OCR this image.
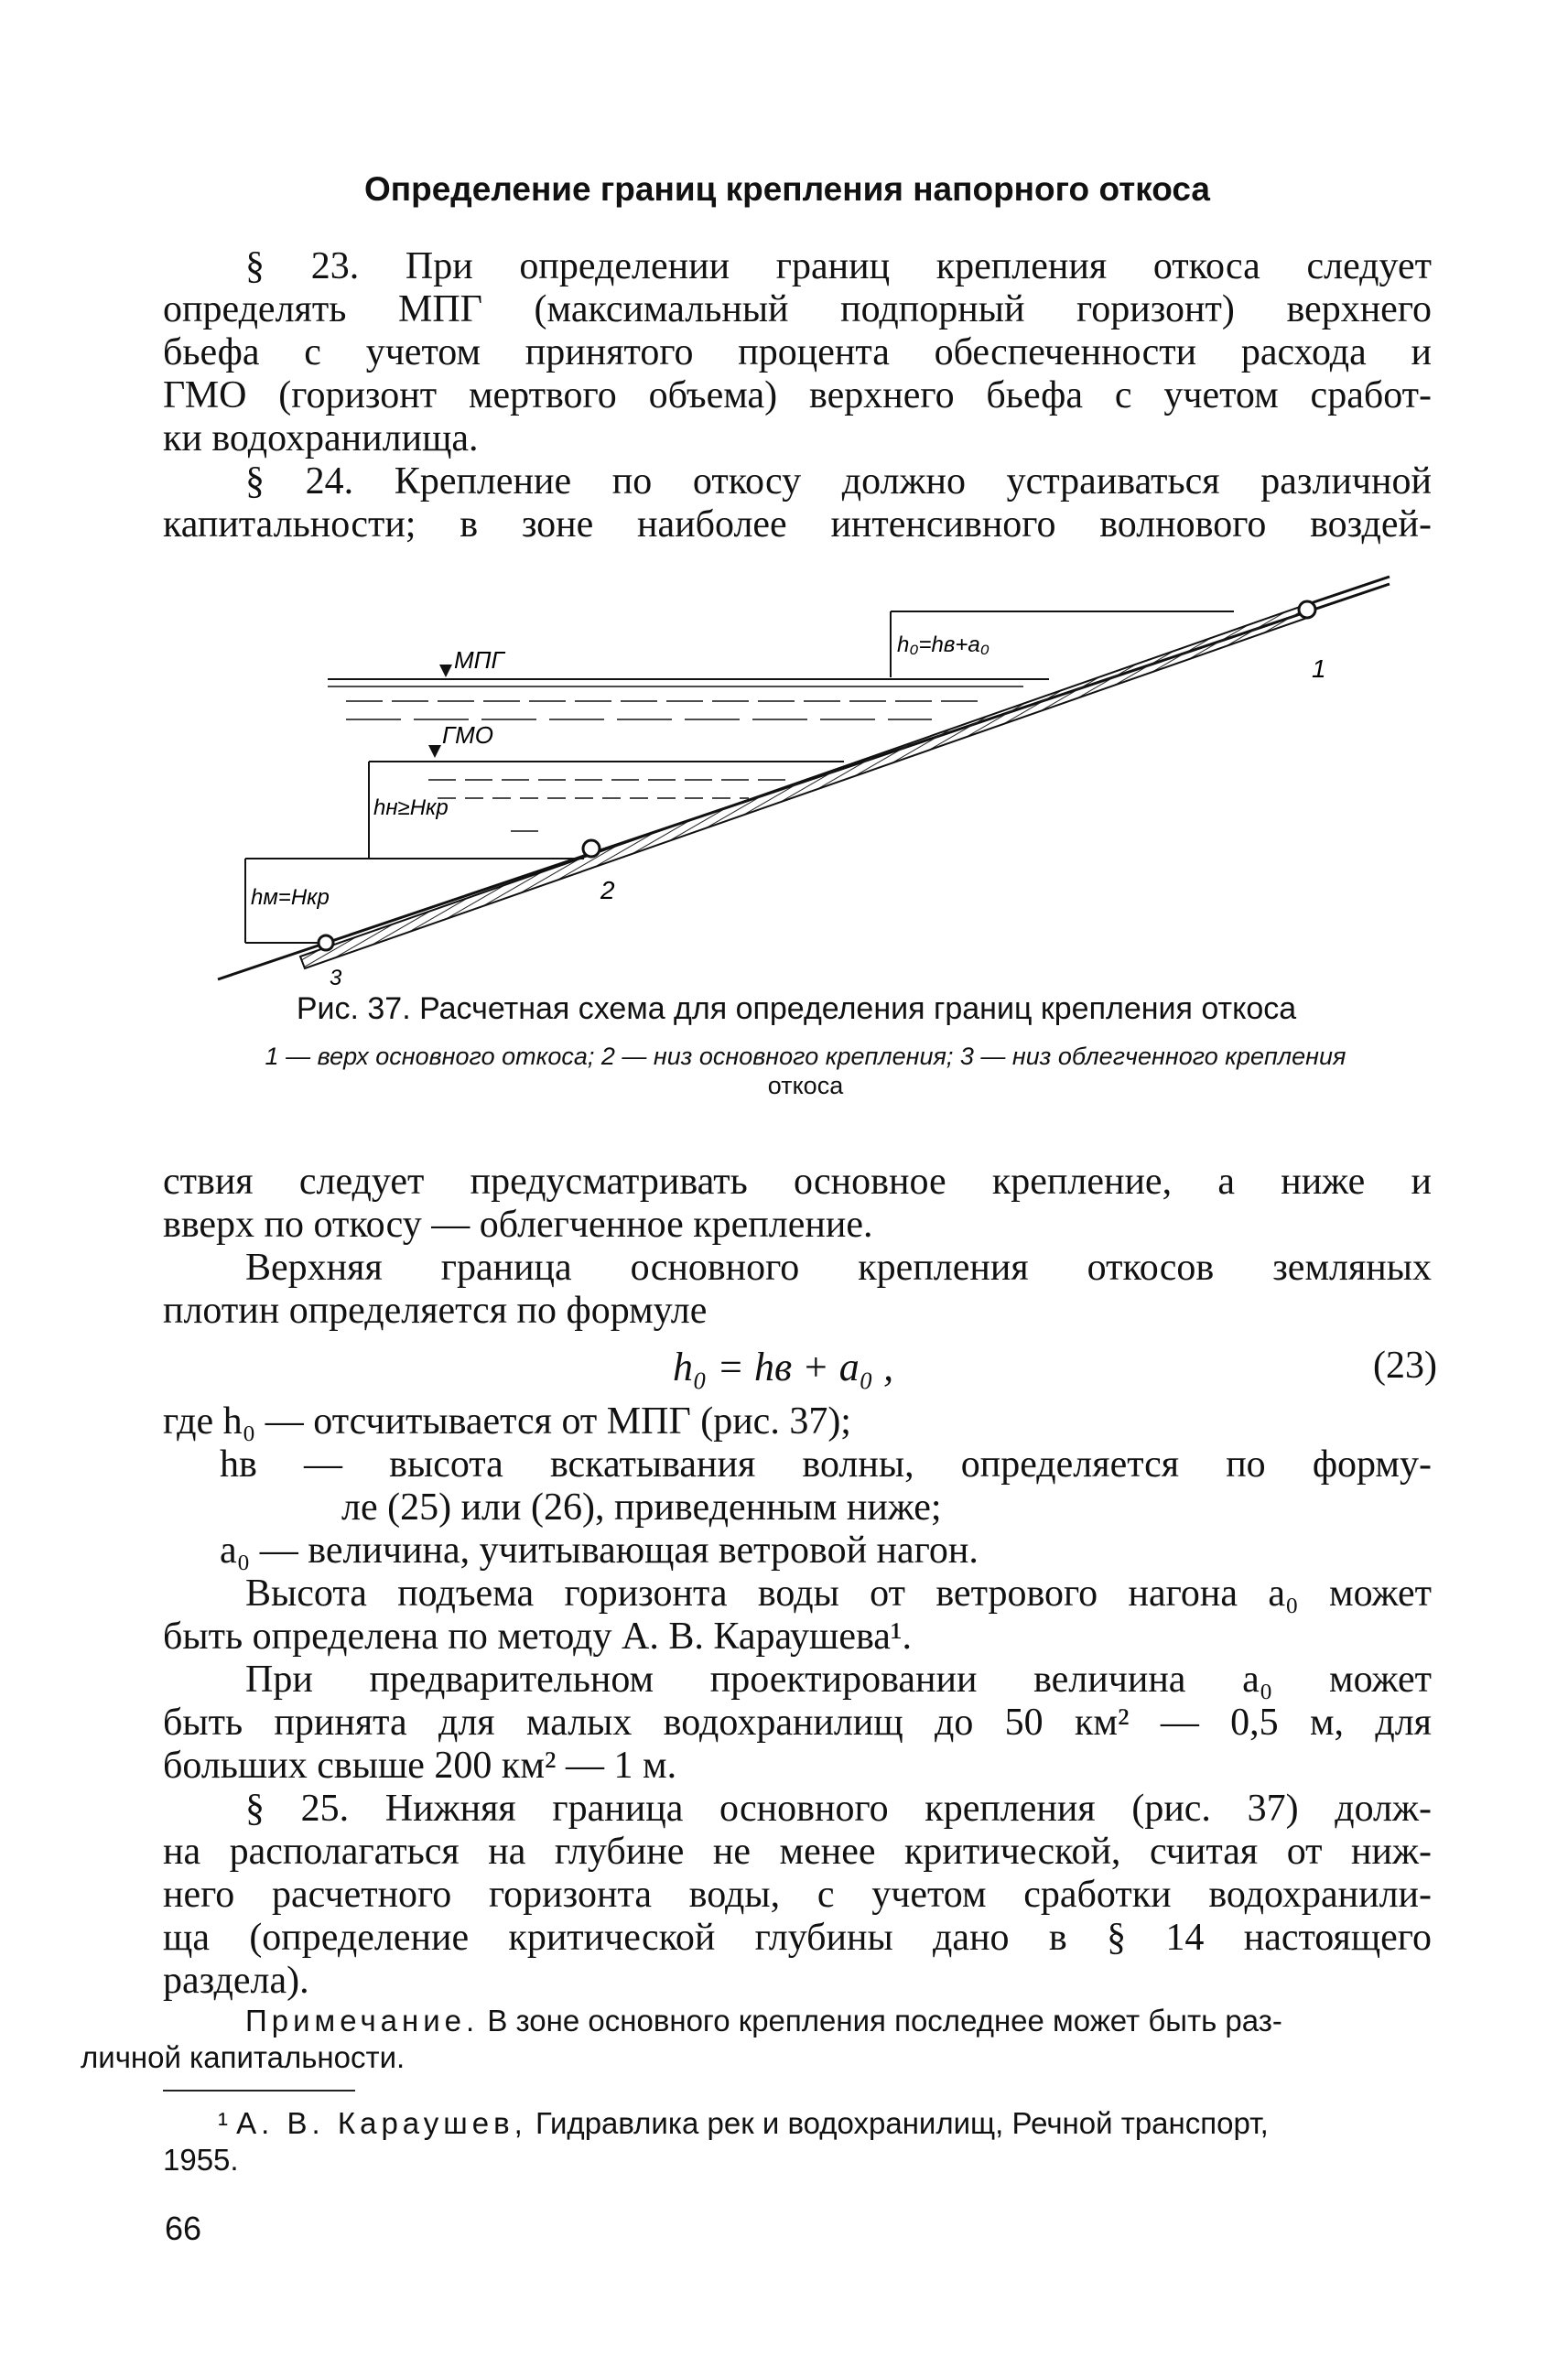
Определение границ крепления напорного откоса
§ 23. При определении границ крепления откоса следует
определять МПГ (максимальный подпорный горизонт) верхнего
бьефа с учетом принятого процента обеспеченности расхода и
ГМО (горизонт мертвого объема) верхнего бьефа с учетом сработ-
ки водохранилища.
§ 24. Крепление по откосу должно устраиваться различной
капитальности; в зоне наиболее интенсивного волнового воздей-
МПГ
ГМО
h₀=hв+a₀
hн≥Hкр
hм=Hкр
1
2
3
Рис. 37. Расчетная схема для определения границ крепления откоса
1 — верх основного откоса; 2 — низ основного крепления; 3 — низ облегченного крепления
откоса
ствия следует предусматривать основное крепление, а ниже и
вверх по откосу — облегченное крепление.
Верхняя граница основного крепления откосов земляных
плотин определяется по формуле
h₀ = hв + a₀ ,	(23)
где h₀ — отсчитывается от МПГ (рис. 37);
hв — высота вскатывания волны, определяется по форму-
ле (25) или (26), приведенным ниже;
a₀ — величина, учитывающая ветровой нагон.
Высота подъема горизонта воды от ветрового нагона a₀ может
быть определена по методу А. В. Караушева¹.
При предварительном проектировании величина a₀ может
быть принята для малых водохранилищ до 50 км² — 0,5 м, для
больших свыше 200 км² — 1 м.
§ 25. Нижняя граница основного крепления (рис. 37) долж-
на располагаться на глубине не менее критической, считая от ниж-
него расчетного горизонта воды, с учетом сработки водохранили-
ща (определение критической глубины дано в § 14 настоящего
раздела).
Примечание. В зоне основного крепления последнее может быть раз-
личной капитальности.
¹ А. В. Караушев, Гидравлика рек и водохранилищ, Речной транспорт,
1955.
66
